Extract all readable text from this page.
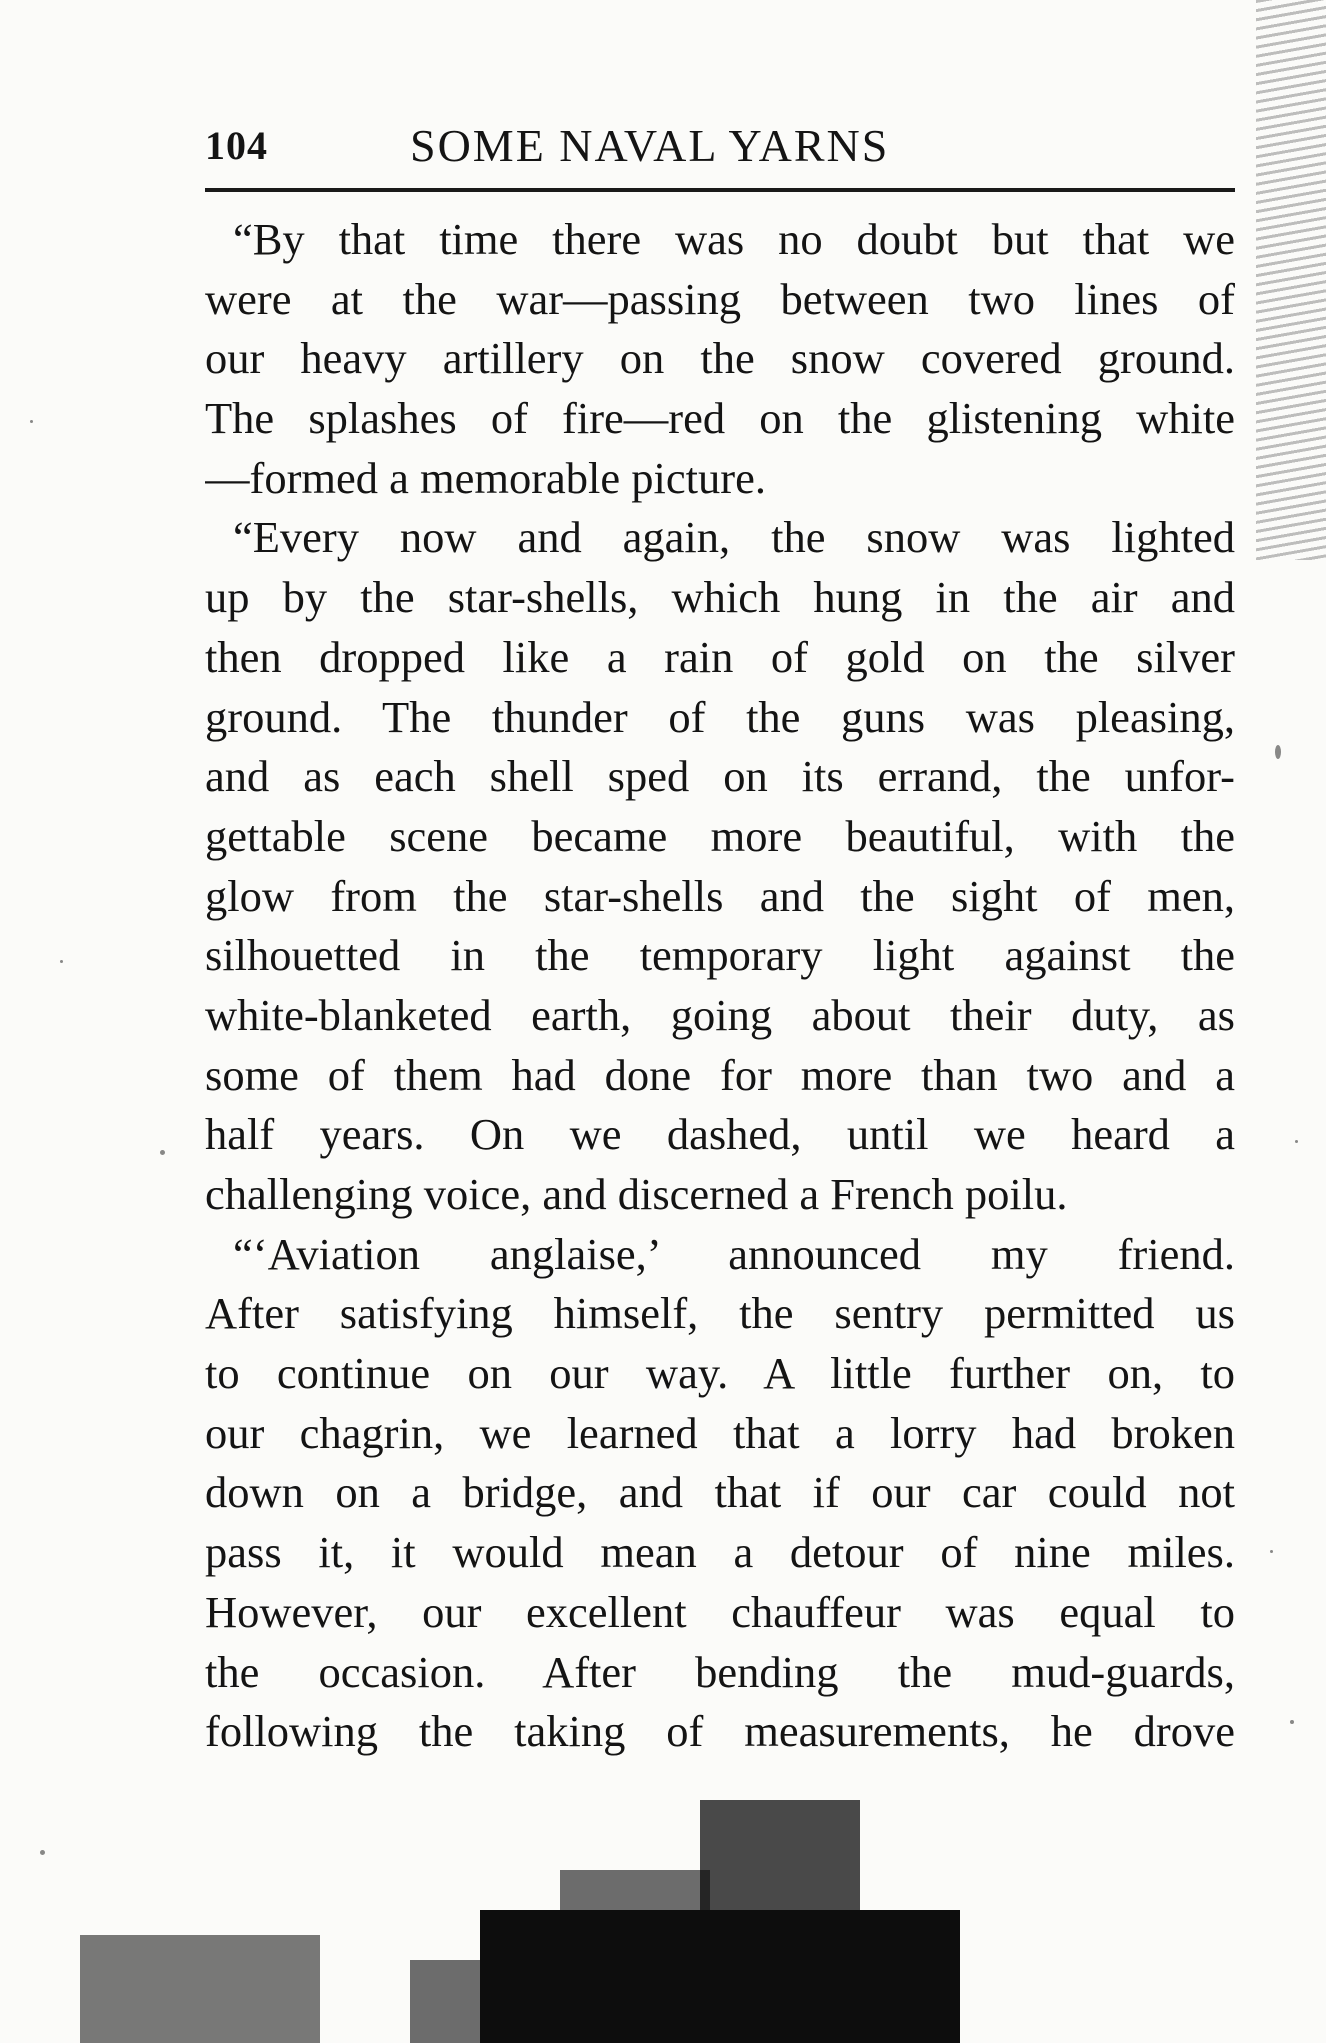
104	SOME NAVAL YARNS
“By that time there was no doubt but that we
were at the war—passing between two lines of
our heavy artillery on the snow covered ground.
The splashes of fire—red on the glistening white
—formed a memorable picture.
“Every now and again, the snow was lighted
up by the star-shells, which hung in the air and
then dropped like a rain of gold on the silver
ground. The thunder of the guns was pleasing,
and as each shell sped on its errand, the unfor-
gettable scene became more beautiful, with the
glow from the star-shells and the sight of men,
silhouetted in the temporary light against the
white-blanketed earth, going about their duty, as
some of them had done for more than two and a
half years. On we dashed, until we heard a
challenging voice, and discerned a French poilu.
“‘Aviation anglaise,’ announced my friend.
After satisfying himself, the sentry permitted us
to continue on our way. A little further on, to
our chagrin, we learned that a lorry had broken
down on a bridge, and that if our car could not
pass it, it would mean a detour of nine miles.
However, our excellent chauffeur was equal to
the occasion. After bending the mud-guards,
following the taking of measurements, he drove
